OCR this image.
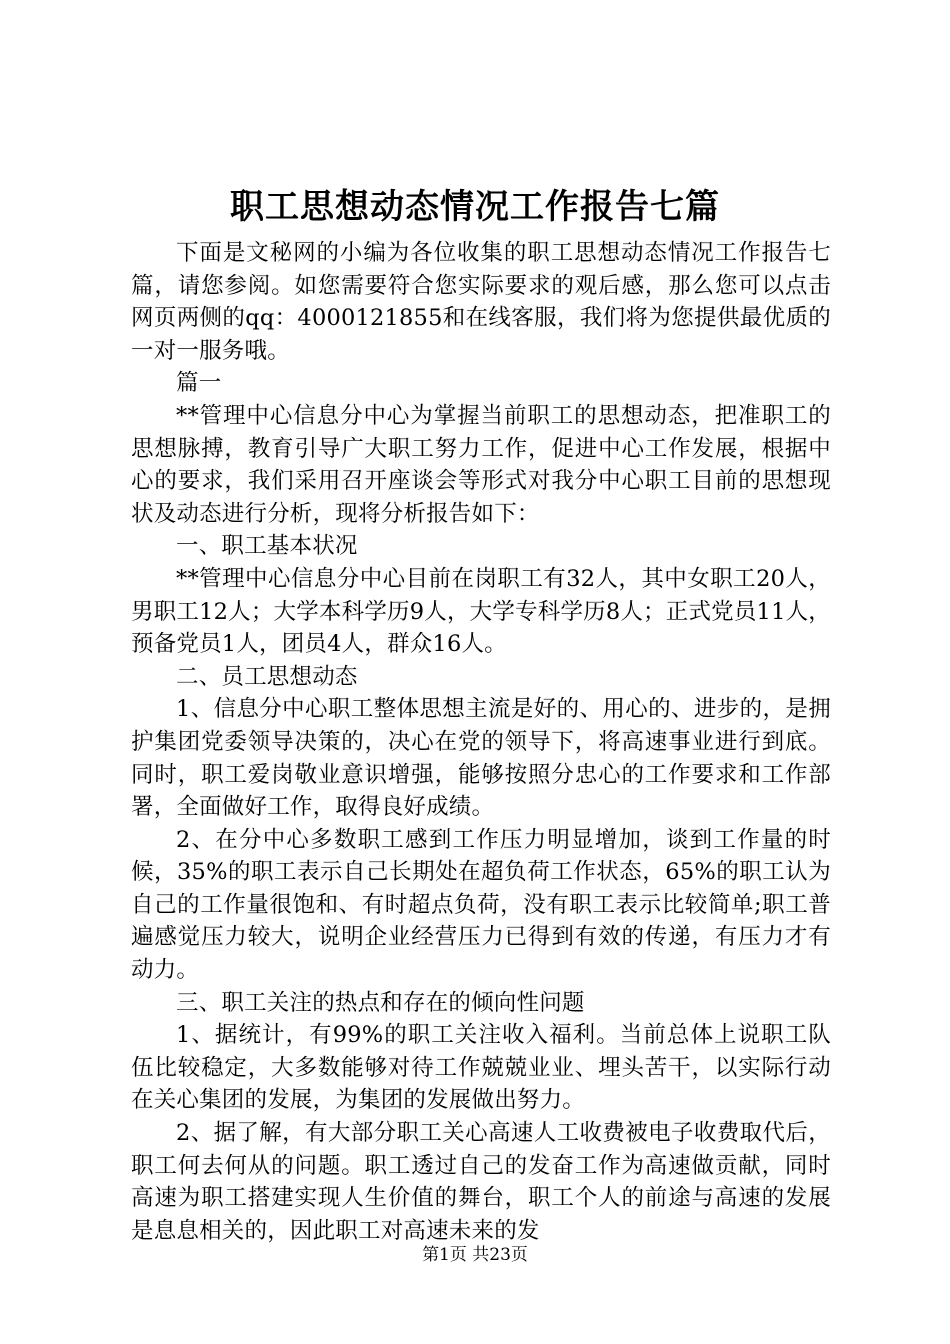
职工思想动态情况工作报告七篇

下面是文秘网的小编为各位收集的职工思想动态情况工作报告七篇，请您参阅。如您需要符合您实际要求的观后感，那么您可以点击网页两侧的qq：4000121855和在线客服，我们将为您提供最优质的一对一服务哦。

篇一

**管理中心信息分中心为掌握当前职工的思想动态，把准职工的思想脉搏，教育引导广大职工努力工作，促进中心工作发展，根据中心的要求，我们采用召开座谈会等形式对我分中心职工目前的思想现状及动态进行分析，现将分析报告如下：

一、职工基本状况

**管理中心信息分中心目前在岗职工有32人，其中女职工20人，男职工12人；大学本科学历9人，大学专科学历8人；正式党员11人，预备党员1人，团员4人，群众16人。

二、员工思想动态

1、信息分中心职工整体思想主流是好的、用心的、进步的，是拥护集团党委领导决策的，决心在党的领导下，将高速事业进行到底。同时，职工爱岗敬业意识增强，能够按照分忠心的工作要求和工作部署，全面做好工作，取得良好成绩。

2、在分中心多数职工感到工作压力明显增加，谈到工作量的时候，35%的职工表示自己长期处在超负荷工作状态，65%的职工认为自己的工作量很饱和、有时超点负荷，没有职工表示比较简单;职工普遍感觉压力较大，说明企业经营压力已得到有效的传递，有压力才有动力。

三、职工关注的热点和存在的倾向性问题

1、据统计，有99%的职工关注收入福利。当前总体上说职工队伍比较稳定，大多数能够对待工作兢兢业业、埋头苦干，以实际行动在关心集团的发展，为集团的发展做出努力。

2、据了解，有大部分职工关心高速人工收费被电子收费取代后，职工何去何从的问题。职工透过自己的发奋工作为高速做贡献，同时高速为职工搭建实现人生价值的舞台，职工个人的前途与高速的发展是息息相关的，因此职工对高速未来的发

第1页 共23页
